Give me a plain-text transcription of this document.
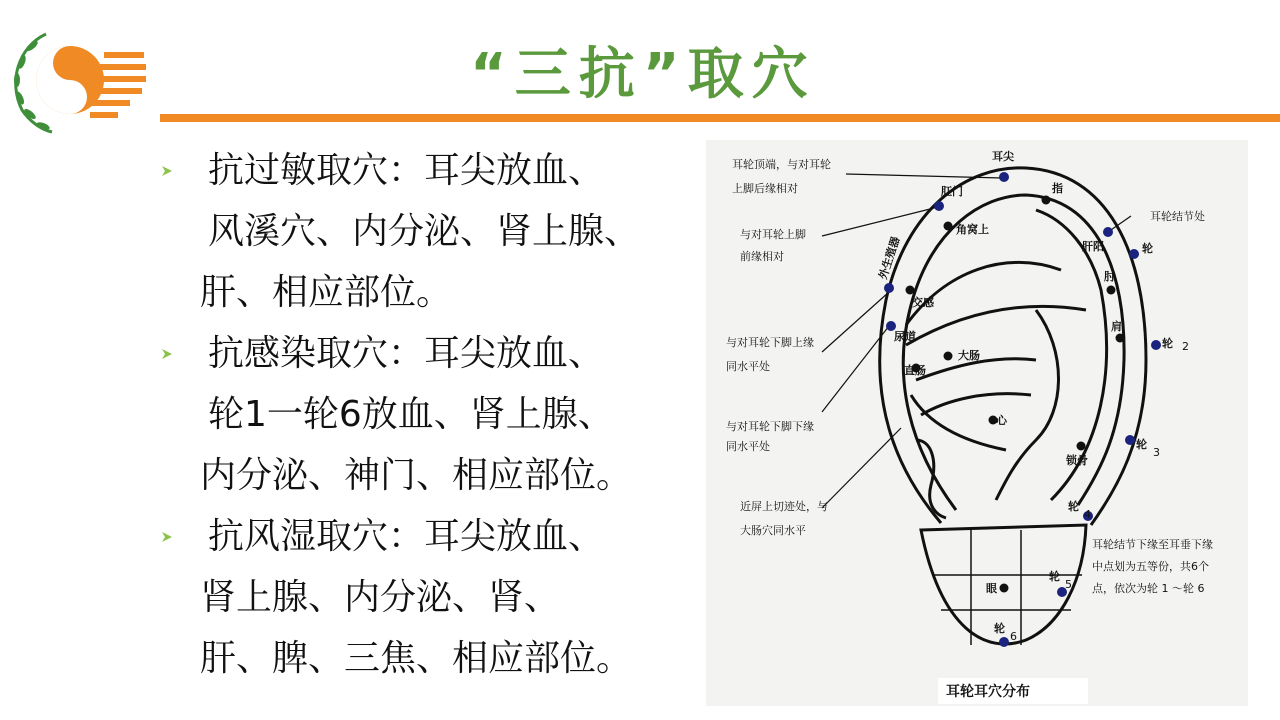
“三抗”取穴
抗过敏取穴：耳尖放血、
风溪穴、内分泌、肾上腺、
肝、相应部位。
抗感染取穴：耳尖放血、
轮1一轮6放血、肾上腺、
内分泌、神门、相应部位。
抗风湿取穴：耳尖放血、
肾上腺、内分泌、肾、
肝、脾、三焦、相应部位。
耳尖
肛门	指
耳轮结节处
肝阳	轮
角窝上
外生殖器
交感
肘
尿道
肩
轮 2
大肠
直肠
心
轮
3
锁骨
轮
4
眼
轮
5
轮
6
耳轮顶端，与对耳轮
上脚后缘相对
与对耳轮上脚
前缘相对
与对耳轮下脚上缘
同水平处
与对耳轮下脚下缘
同水平处
近屏上切迹处，与
大肠穴同水平
耳轮结节下缘至耳垂下缘
中点划为五等份，共6个
点，依次为轮 1 ～轮 6
耳轮耳穴分布
